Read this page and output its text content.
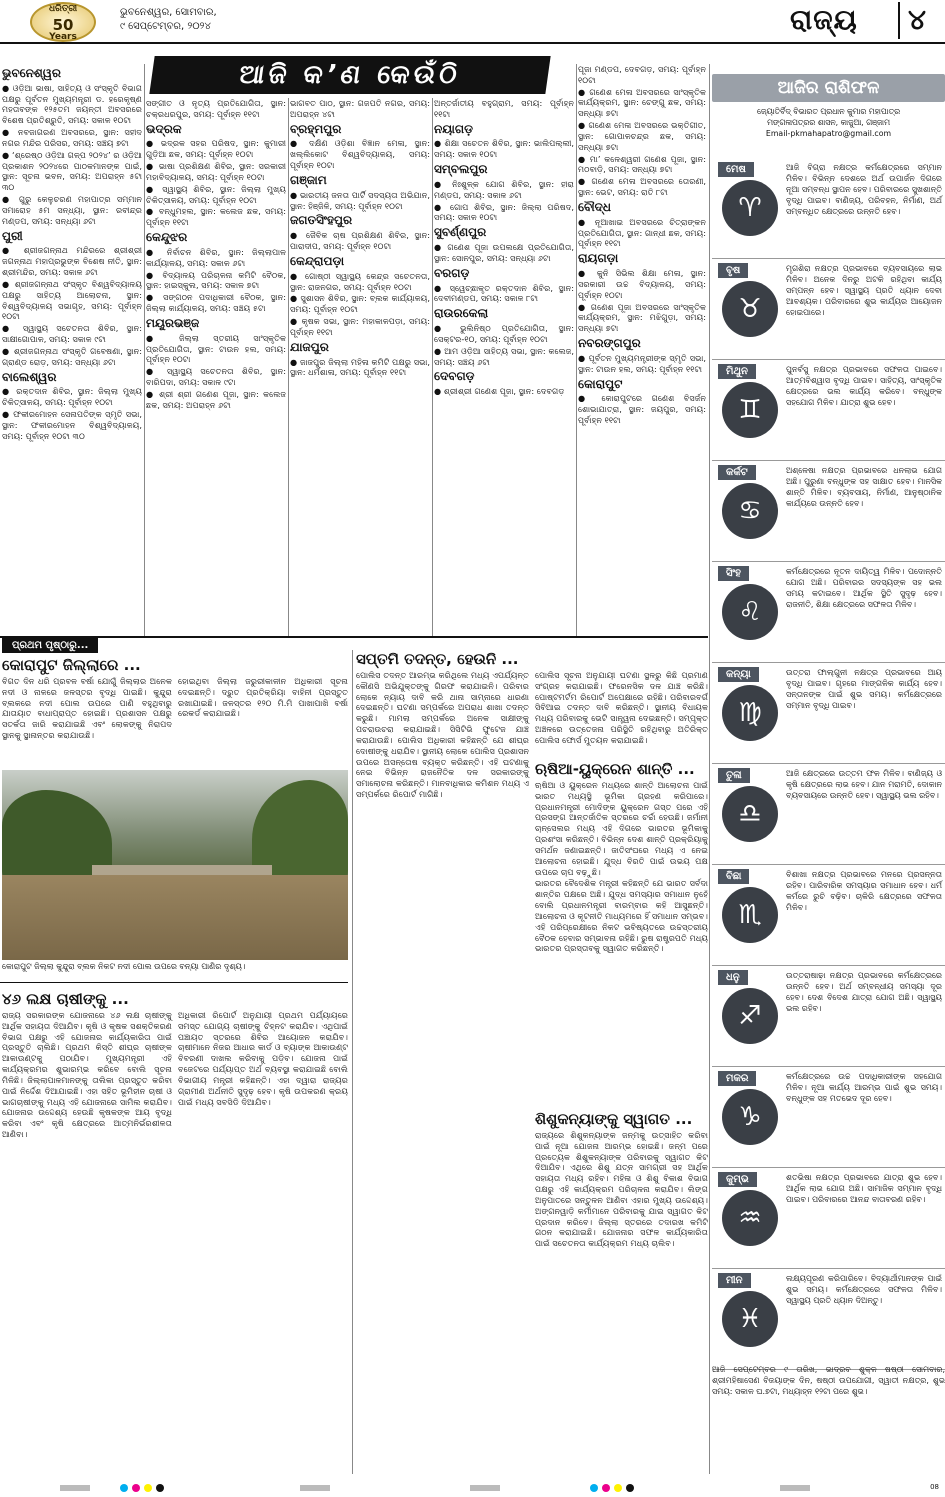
ଧରିତ୍ରୀ
50
Years
ଭୁବନେଶ୍ୱର, ସୋମବାର,
୯ ସେପ୍ଟେମ୍ବର, ୨୦୨୪	ରାଜ୍ୟ	୪
ଆଜି କ’ଣ କେଉଁଠି
ଭୁବନେଶ୍ୱର

● ଓଡ଼ିଆ ଭାଷା, ସାହିତ୍ୟ ଓ ସଂସ୍କୃତି ବିଭାଗ ପକ୍ଷରୁ ପୂର୍ବତନ ମୁଖ୍ୟମନ୍ତ୍ରୀ ଡ. ହରେକୃଷ୍ଣ ମହତାବଙ୍କ ୧୨୫ତମ ଜୟନ୍ତୀ ଅବସରରେ ବିଶେଷ ପ୍ରତିଶ୍ରୁତି, ସମୟ: ସକାଳ ୧୦ଟା

● ନବଜାଗରଣ ଅବସରରେ, ସ୍ଥାନ: ସହୀଦ ନଗର ମନ୍ଦିର ପରିସର, ସମୟ: ସଞ୍ଚୟ ୭ଟା

● ‘ଶ୍ରେଷ୍ଠ ଓଡ଼ିଆ ଗଳ୍ପ ୨୦୨୪’ ର ଓଡ଼ିଆ ପ୍ରକାଶନ ୨୦୨୪ରେ ପାଠକମାନଙ୍କ ପାଇଁ, ସ୍ଥାନ: ସୂଚନା ଭବନ, ସମୟ: ଅପରାହ୍ନ ୫ଟା ୩୦

● ଗୁରୁ କେଳୁଚରଣ ମହାପାତ୍ର ସମ୍ମାନ ସମାରୋହ ୫ମ ସନ୍ଧ୍ୟା, ସ୍ଥାନ: ରବୀନ୍ଦ୍ର ମଣ୍ଡପ, ସମୟ: ସନ୍ଧ୍ୟା ୬ଟା

ପୁରୀ

● ଶ୍ରୀଜଗନ୍ନାଥ ମନ୍ଦିରରେ ଶ୍ରୀଶ୍ରୀ ଜଗନ୍ନାଥ ମହାପ୍ରଭୁଙ୍କ ବିଶେଷ ନୀତି, ସ୍ଥାନ: ଶ୍ରୀମନ୍ଦିର, ସମୟ: ସକାଳ ୬ଟା

● ଶ୍ରୀଜଗନ୍ନାଥ ସଂସ୍କୃତ ବିଶ୍ୱବିଦ୍ୟାଳୟ ପକ୍ଷରୁ ସାହିତ୍ୟ ଆଲୋଚନା, ସ୍ଥାନ: ବିଶ୍ୱବିଦ୍ୟାଳୟ ସଭାଗୃହ, ସମୟ: ପୂର୍ବାହ୍ନ ୧୦ଟା

● ସ୍ୱାସ୍ଥ୍ୟ ସଚେତନତା ଶିବିର, ସ୍ଥାନ: ସାକ୍ଷୀଗୋପାଳ, ସମୟ: ସକାଳ ୯ଟା

● ଶ୍ରୀଜଗନ୍ନାଥ ସଂସ୍କୃତି ଗବେଷଣା, ସ୍ଥାନ: ଗ୍ରାଣ୍ଡ ରୋଡ଼, ସମୟ: ସନ୍ଧ୍ୟା ୬ଟା

ବାଲେଶ୍ୱର

● ରକ୍ତଦାନ ଶିବିର, ସ୍ଥାନ: ଜିଲ୍ଲା ମୁଖ୍ୟ ଚିକିତ୍ସାଳୟ, ସମୟ: ପୂର୍ବାହ୍ନ ୧୦ଟା

● ଫକୀରମୋହନ ସେନାପତିଙ୍କ ସ୍ମୃତି ସଭା, ସ୍ଥାନ: ଫକୀରମୋହନ ବିଶ୍ୱବିଦ୍ୟାଳୟ, ସମୟ: ପୂର୍ବାହ୍ନ ୧୦ଟା ୩୦

ସଙ୍ଗୀତ ଓ ନୃତ୍ୟ ପ୍ରତିଯୋଗିତା, ସ୍ଥାନ: ଚକ୍ରଧରପୁର, ସମୟ: ପୂର୍ବାହ୍ନ ୧୧ଟା

ଭଦ୍ରକ

● ଭଦ୍ରକ ସହର ପରିଷଦ, ସ୍ଥାନ: କୁମାରୀ ଗୁଡ଼ିଆ ଛକ, ସମୟ: ପୂର୍ବାହ୍ନ ୧୦ଟା

● ଭାଷା ପ୍ରଶିକ୍ଷଣ ଶିବିର, ସ୍ଥାନ: ସରକାରୀ ମହାବିଦ୍ୟାଳୟ, ସମୟ: ପୂର୍ବାହ୍ନ ୧୦ଟା

● ସ୍ୱାସ୍ଥ୍ୟ ଶିବିର, ସ୍ଥାନ: ଜିଲ୍ଲା ମୁଖ୍ୟ ଚିକିତ୍ସାଳୟ, ସମୟ: ପୂର୍ବାହ୍ନ ୧୦ଟା

● ବନ୍ଧୁମହଲ, ସ୍ଥାନ: କଲେଜ ଛକ, ସମୟ: ପୂର୍ବାହ୍ନ ୧୧ଟା

କେନ୍ଦୁଝର

● ନିର୍ବାଚନ ଶିବିର, ସ୍ଥାନ: ଜିଲ୍ଲାପାଳ କାର୍ଯ୍ୟାଳୟ, ସମୟ: ସକାଳ ୬ଟା

● ବିଦ୍ୟାଳୟ ପରିଚାଳନା କମିଟି ବୈଠକ, ସ୍ଥାନ: ହାଇସ୍କୁଲ, ସମୟ: ସକାଳ ୭ଟା

● ସଙ୍ଗଠନ ପଦାଧିକାରୀ ବୈଠକ, ସ୍ଥାନ: ଜିଲ୍ଲା କାର୍ଯ୍ୟାଳୟ, ସମୟ: ସଞ୍ଚୟ ୫ଟା

ମୟୂରଭଞ୍ଜ

● ଜିଲ୍ଲା ସ୍ତରୀୟ ସାଂସ୍କୃତିକ ପ୍ରତିଯୋଗିତା, ସ୍ଥାନ: ଟାଉନ ହଲ, ସମୟ: ପୂର୍ବାହ୍ନ ୧୦ଟା

● ସ୍ୱାସ୍ଥ୍ୟ ସଚେତନତା ଶିବିର, ସ୍ଥାନ: ବାରିପଦା, ସମୟ: ସକାଳ ୯ଟା

● ଶ୍ରୀ ଶ୍ରୀ ଗଣେଶ ପୂଜା, ସ୍ଥାନ: କଲେଜ ଛକ, ସମୟ: ଅପରାହ୍ନ ୬ଟା

ଭାଗବତ ପାଠ, ସ୍ଥାନ: ଗଜପତି ନଗର, ସମୟ: ଅପରାହ୍ନ ୪ଟା

ବ୍ରହ୍ମପୁର

● ଦକ୍ଷିଣ ଓଡ଼ିଶା ବିଜ୍ଞାନ ମେଳା, ସ୍ଥାନ: ଖଲ୍ଲିକୋଟ ବିଶ୍ୱବିଦ୍ୟାଳୟ, ସମୟ: ପୂର୍ବାହ୍ନ ୧୦ଟା

ଗଞ୍ଜାମ

● ଭାରତୀୟ ଜନତା ପାର୍ଟି ସଦସ୍ୟତା ଅଭିଯାନ, ସ୍ଥାନ: ହିଞ୍ଜିଳି, ସମୟ: ପୂର୍ବାହ୍ନ ୧୦ଟା

ଜଗତସିଂହପୁର

● ଜୈବିକ ଚାଷ ପ୍ରଶିକ୍ଷଣ ଶିବିର, ସ୍ଥାନ: ପାରାଦୀପ, ସମୟ: ପୂର୍ବାହ୍ନ ୧୦ଟା

କେନ୍ଦ୍ରାପଡ଼ା

● ଗୋଷ୍ଠୀ ସ୍ୱାସ୍ଥ୍ୟ କେନ୍ଦ୍ର ସଚେତନତା, ସ୍ଥାନ: ରାଜନଗର, ସମୟ: ପୂର୍ବାହ୍ନ ୧୦ଟା

● ସୁଶାସନ ଶିବିର, ସ୍ଥାନ: ବ୍ଲକ କାର୍ଯ୍ୟାଳୟ, ସମୟ: ପୂର୍ବାହ୍ନ ୧୦ଟା

● କୃଷକ ସଭା, ସ୍ଥାନ: ମହାକାଳପଡ଼ା, ସମୟ: ପୂର୍ବାହ୍ନ ୧୧ଟା

ଯାଜପୁର

● ଜାଜପୁର ଜିଲ୍ଲା ମହିଳା କମିଟି ପକ୍ଷରୁ ସଭା, ସ୍ଥାନ: ଧର୍ମଶାଳା, ସମୟ: ପୂର୍ବାହ୍ନ ୧୧ଟା

ଅନ୍ତର୍ଜାତୀୟ ବହୁଗ୍ରାମ, ସମୟ: ପୂର୍ବାହ୍ନ ୧୧ଟା

ନୟାଗଡ଼

● ଶିକ୍ଷା ସଚେତନ ଶିବିର, ସ୍ଥାନ: ଭାଲିପଲ୍ଲୀ, ସମୟ: ସକାଳ ୧୦ଟା

ସମ୍ବଲପୁର

● ନିଃଶୁଳ୍କ ଯୋଗ ଶିବିର, ସ୍ଥାନ: ହୀରା ମଣ୍ଡପ, ସମୟ: ସକାଳ ୬ଟା

● ଗୋପ ଶିବିର, ସ୍ଥାନ: ଜିଲ୍ଲା ପରିଷଦ, ସମୟ: ସକାଳ ୧୦ଟା

ସୁବର୍ଣ୍ଣପୁର

● ଗଣେଶ ପୂଜା ଉପଲକ୍ଷେ ପ୍ରତିଯୋଗିତା, ସ୍ଥାନ: ସୋନପୁର, ସମୟ: ସନ୍ଧ୍ୟା ୬ଟା

ବରଗଡ଼

● ସ୍ୱେଚ୍ଛାକୃତ ରକ୍ତଦାନ ଶିବିର, ସ୍ଥାନ: ଦେବୀମଣ୍ଡପ, ସମୟ: ସକାଳ ୮ଟା

ରାଉରକେଲା

● ଭୁଲିନିଷ୍ଠ ପ୍ରତିଯୋଗିତା, ସ୍ଥାନ: ସେକ୍ଟର-୧୦, ସମୟ: ପୂର୍ବାହ୍ନ ୧୦ଟା

● ଆମ ଓଡ଼ିଆ ସାହିତ୍ୟ ସଭା, ସ୍ଥାନ: କଲେଜ, ସମୟ: ସଞ୍ଚୟ ୬ଟା

ଦେବଗଡ଼

● ଶ୍ରୀଶ୍ରୀ ଗଣେଶ ପୂଜା, ସ୍ଥାନ: ଦେବଗଡ଼

ପୂଜା ମଣ୍ଡପ, ଦେବଗଡ଼, ସମୟ: ପୂର୍ବାହ୍ନ ୧୦ଟା

● ଗଣେଶ ମେଳା ଅବସରରେ ସାଂସ୍କୃତିକ କାର୍ଯ୍ୟକ୍ରମ, ସ୍ଥାନ: ଚେଙ୍ଗୁ ଛକ, ସମୟ: ସନ୍ଧ୍ୟା ୭ଟା

● ଗଣେଶ ମେଳା ଅବସରରେ ଭକ୍ତିଗୀତ, ସ୍ଥାନ: ଗୋପାଳଚନ୍ଦ୍ର ଛକ, ସମୟ: ସନ୍ଧ୍ୟା ୭ଟା

● ମା’ କଳେଶ୍ୱରୀ ଗଣେଶ ପୂଜା, ସ୍ଥାନ: ମଠବାଡ଼ି, ସମୟ: ସନ୍ଧ୍ୟା ୭ଟା

● ଗଣେଶ ମେଳା ଅବସରରେ ତୋରଣୀ, ସ୍ଥାନ: ଭେଟ, ସମୟ: ରାତି ୮ଟା

ବୌଦ୍ଧ

● ନୂଆଖାଇ ଅବସରରେ ଚିତ୍ରାଙ୍କନ ପ୍ରତିଯୋଗିତା, ସ୍ଥାନ: ଗାନ୍ଧୀ ଛକ, ସମୟ: ପୂର୍ବାହ୍ନ ୧୧ଟା

ରାୟଗଡ଼ା

● କୁନି ସିଭିଲ ଶିକ୍ଷା ମେଳା, ସ୍ଥାନ: ସରକାରୀ ଉଚ୍ଚ ବିଦ୍ୟାଳୟ, ସମୟ: ପୂର୍ବାହ୍ନ ୧୦ଟା

● ଗଣେଶ ପୂଜା ଅବସରରେ ସାଂସ୍କୃତିକ କାର୍ଯ୍ୟକ୍ରମ, ସ୍ଥାନ: ମଝିଗୁଡ଼ା, ସମୟ: ସନ୍ଧ୍ୟା ୭ଟା

ନବରଙ୍ଗପୁର

● ପୂର୍ବତନ ମୁଖ୍ୟମନ୍ତ୍ରୀଙ୍କ ସ୍ମୃତି ସଭା, ସ୍ଥାନ: ଟାଉନ ହଲ, ସମୟ: ପୂର୍ବାହ୍ନ ୧୧ଟା

କୋରାପୁଟ

● କୋରାପୁଟରେ ଗଣେଶ ବିସର୍ଜନ ଶୋଭାଯାତ୍ରା, ସ୍ଥାନ: ଜୟପୁର, ସମୟ: ପୂର୍ବାହ୍ନ ୧୧ଟା

ଆଜିର ରାଶିଫଳ
ଜ୍ୟୋତିର୍ବିଦ୍ ବିଭାରତ ପ୍ରଧାନ କୁମାର ମହାପାତ୍ର
ମଙ୍ଗଳାପତ୍ରର ଶାସନ, କାଜୁଆ, ଗଞ୍ଜାମ
Email-pkmahapatro@gmail.com
ମେଷ
♈
ଆଜି ବିଗ୍ରା ନକ୍ଷତ୍ର କର୍ମକ୍ଷେତ୍ରରେ ସମ୍ମାନ ମିଳିବ। ବିଭିନ୍ନ ଦେଶରେ ଅର୍ଥ ଉପାର୍ଜନ ଦିଗରେ ନୂଆ ସମ୍ବନ୍ଧ ସ୍ଥାପନ ହେବ। ପରିବାରରେ ସୁଖଶାନ୍ତି ବୃଦ୍ଧି ପାଇବ। ବାଣିଜ୍ୟ, ପରିବହନ, ନିର୍ମାଣ, ଅର୍ଥ ସମ୍ବନ୍ଧିତ କ୍ଷେତ୍ରରେ ଉନ୍ନତି ହେବ।
ବୃଷ
♉
ମୃଗଶିରା ନକ୍ଷତ୍ର ପ୍ରଭାବରେ ବ୍ୟବସାୟରେ ଲାଭ ମିଳିବ। ଅନେକ ଦିନରୁ ଅଟକି ରହିଥିବା କାର୍ଯ୍ୟ ସମ୍ପନ୍ନ ହେବ। ସ୍ୱାସ୍ଥ୍ୟ ପ୍ରତି ଧ୍ୟାନ ଦେବା ଆବଶ୍ୟକ। ପରିବାରରେ ଶୁଭ କାର୍ଯ୍ୟର ଆୟୋଜନ ହୋଇପାରେ।
ମିଥୁନ
♊
ପୁନର୍ବସୁ ନକ୍ଷତ୍ର ପ୍ରଭାବରେ ସଫଳତା ପାଇବେ। ଆତ୍ମବିଶ୍ୱାସ ବୃଦ୍ଧି ପାଇବ। ସାହିତ୍ୟ, ସାଂସ୍କୃତିକ କ୍ଷେତ୍ରରେ ଭଲ କାର୍ଯ୍ୟ କରିବେ। ବନ୍ଧୁଙ୍କ ସହଯୋଗ ମିଳିବ। ଯାତ୍ରା ଶୁଭ ହେବ।
କର୍କଟ
♋
ଅଶ୍ଳେଷା ନକ୍ଷତ୍ର ପ୍ରଭାବରେ ଧନଲାଭ ଯୋଗ ଅଛି। ପୁରୁଣା ବନ୍ଧୁଙ୍କ ସହ ସାକ୍ଷାତ ହେବ। ମାନସିକ ଶାନ୍ତି ମିଳିବ। ବ୍ୟବସାୟ, ନିର୍ମାଣ, ଆନୁଷ୍ଠାନିକ କାର୍ଯ୍ୟରେ ଉନ୍ନତି ହେବ।
ସିଂହ
♌
କର୍ମକ୍ଷେତ୍ରରେ ନୂତନ ଦାୟିତ୍ୱ ମିଳିବ। ପଦୋନ୍ନତି ଯୋଗ ଅଛି। ପରିବାରର ସଦସ୍ୟଙ୍କ ସହ ଭଲ ସମୟ କଟାଇବେ। ଆର୍ଥିକ ସ୍ଥିତି ସୁଦୃଢ଼ ହେବ। ରାଜନୀତି, ଶିକ୍ଷା କ୍ଷେତ୍ରରେ ସଫଳତା ମିଳିବ।
କନ୍ୟା
♍
ଉତ୍ତରା ଫାଲ୍ଗୁନୀ ନକ୍ଷତ୍ର ପ୍ରଭାବରେ ଆୟ ବୃଦ୍ଧି ପାଇବ। ଗୃହରେ ମାଙ୍ଗଳିକ କାର୍ଯ୍ୟ ହେବ। ସନ୍ତାନଙ୍କ ପାଇଁ ଶୁଭ ସମୟ। କର୍ମକ୍ଷେତ୍ରରେ ସମ୍ମାନ ବୃଦ୍ଧି ପାଇବ।
ତୁଳା
♎
ଆଜି କ୍ଷେତ୍ରରେ ଉତ୍ତମ ଫଳ ମିଳିବ। ବାଣିଜ୍ୟ ଓ କୃଷି କ୍ଷେତ୍ରରେ ଲାଭ ହେବ। ଯାନ ମରାମତି, ଦୋକାନ ବ୍ୟବସାୟରେ ଉନ୍ନତି ହେବ। ସ୍ୱାସ୍ଥ୍ୟ ଭଲ ରହିବ।
ବିଛା
♏
ବିଶାଖା ନକ୍ଷତ୍ର ପ୍ରଭାବରେ ମନରେ ପ୍ରସନ୍ନତା ରହିବ। ପାରିବାରିକ ସମସ୍ୟାର ସମାଧାନ ହେବ। ଧର୍ମ କର୍ମରେ ରୁଚି ବଢ଼ିବ। ଚାକିରି କ୍ଷେତ୍ରରେ ସଫଳତା ମିଳିବ।
ଧନୁ
♐
ଉତ୍ତରାଷାଢ଼ା ନକ୍ଷତ୍ର ପ୍ରଭାବରେ କର୍ମକ୍ଷେତ୍ରରେ ଉନ୍ନତି ହେବ। ଅର୍ଥ ସମ୍ବନ୍ଧୀୟ ସମସ୍ୟା ଦୂର ହେବ। ଦେଶ ବିଦେଶ ଯାତ୍ରା ଯୋଗ ଅଛି। ସ୍ୱାସ୍ଥ୍ୟ ଭଲ ରହିବ।
ମକର
♑
କର୍ମକ୍ଷେତ୍ରରେ ଉଚ୍ଚ ପଦାଧିକାରୀଙ୍କ ସହଯୋଗ ମିଳିବ। ନୂଆ କାର୍ଯ୍ୟ ଆରମ୍ଭ ପାଇଁ ଶୁଭ ସମୟ। ବନ୍ଧୁଙ୍କ ସହ ମତଭେଦ ଦୂର ହେବ।
କୁମ୍ଭ
♒
ଶତଭିଷା ନକ୍ଷତ୍ର ପ୍ରଭାବରେ ଯାତ୍ରା ଶୁଭ ହେବ। ଆର୍ଥିକ ଲାଭ ଯୋଗ ଅଛି। ସାମାଜିକ ସମ୍ମାନ ବୃଦ୍ଧି ପାଇବ। ପରିବାରରେ ଆନନ୍ଦ ବାତାବରଣ ରହିବ।
ମୀନ
♓
ଲକ୍ଷ୍ୟପୂରଣ କରିପାରିବେ। ବିଦ୍ୟାର୍ଥୀମାନଙ୍କ ପାଇଁ ଶୁଭ ସମୟ। କର୍ମକ୍ଷେତ୍ରରେ ସଫଳତା ମିଳିବ। ସ୍ୱାସ୍ଥ୍ୟ ପ୍ରତି ଧ୍ୟାନ ଦିଅନ୍ତୁ।
ଆଜି ସେପ୍ଟେମ୍ବର ୯ ତାରିଖ, ଭାଦ୍ରବ ଶୁକ୍ଳ ଷଷ୍ଠୀ ସୋମବାର, ଶ୍ରୀମହିଷାସେଣ ବିଜୟାଙ୍କ ଦିନ, ଷଷ୍ଠୀ ଉପଯୋଗୀ, ସ୍ୱାତୀ ନକ୍ଷତ୍ର, ଶୁଭ ସମୟ: ସକାଳ ଘ.୭ଟା, ମଧ୍ୟାହ୍ନ ୧୨ଟା ପରେ ଶୁଭ।
ପ୍ରଥମ ପୃଷ୍ଠାରୁ...
କୋରାପୁଟ ଜିଲ୍ଲାରେ ...

ବିଗତ ଦିନ ଧରି ପ୍ରବଳ ବର୍ଷା ଯୋଗୁଁ ଜିଲ୍ଲାର ଅନେକ ନଦୀ ଓ ନାଳରେ ଜଳସ୍ତର ବୃଦ୍ଧି ପାଇଛି। କୁନ୍ଦୁରା ବ୍ଲକରେ ନଦୀ ପୋଲ ଉପରେ ପାଣି ବହୁଥିବାରୁ ଯାତାୟାତ ବାଧାପ୍ରାପ୍ତ ହୋଇଛି। ପ୍ରଶାସନ ପକ୍ଷରୁ ସତର୍କତା ଜାରି କରାଯାଇଛି ଏବଂ ଲୋକଙ୍କୁ ନିରାପଦ ସ୍ଥାନକୁ ସ୍ଥାନାନ୍ତର କରାଯାଉଛି।

ହୋଇଥିବା ଜିଲ୍ଲା ଜରୁରୀକାଳୀନ ଅଧିକାରୀ ସୂଚନା ଦେଇଛନ୍ତି। ଦ୍ରୁତ ପ୍ରତିକ୍ରିୟା ବାହିନୀ ପ୍ରସ୍ତୁତ ରଖାଯାଇଛି। ଜଳସ୍ତର ୧୨୦ ମି.ମି ପାଖାପାଖି ବର୍ଷା ରେକର୍ଡ କରାଯାଇଛି।

କୋରାପୁଟ ଜିଲ୍ଲା କୁନ୍ଦୁରା ବ୍ଲକ ନିକଟ ନଦୀ ପୋଲ ଉପରେ ବନ୍ୟା ପାଣିର ଦୃଶ୍ୟ।
୪୬ ଲକ୍ଷ ଚାଷୀଙ୍କୁ ...

ରାଜ୍ୟ ସରକାରଙ୍କ ଯୋଜନାରେ ୪୬ ଲକ୍ଷ ଚାଷୀଙ୍କୁ ଆର୍ଥିକ ସହାୟତା ଦିଆଯିବ। କୃଷି ଓ କୃଷକ ସଶକ୍ତିକରଣ ବିଭାଗ ପକ୍ଷରୁ ଏହି ଯୋଜନାର କାର୍ଯ୍ୟକାରିତା ପାଇଁ ପ୍ରସ୍ତୁତି ଚାଲିଛି। ପ୍ରଥମ କିସ୍ତି ଶୀଘ୍ର ଚାଷୀଙ୍କ ଆକାଉଣ୍ଟକୁ ପଠାଯିବ। ମୁଖ୍ୟମନ୍ତ୍ରୀ ଏହି କାର୍ଯ୍ୟକ୍ରମର ଶୁଭାରମ୍ଭ କରିବେ ବୋଲି ସୂଚନା ମିଳିଛି। ଜିଲ୍ଲାପାଳମାନଙ୍କୁ ତାଲିକା ପ୍ରସ୍ତୁତ କରିବା ପାଇଁ ନିର୍ଦ୍ଦେଶ ଦିଆଯାଇଛି। ଏହା ସହିତ ଭୂମିହୀନ ଚାଷୀ ଓ ଭାଗଚାଷୀଙ୍କୁ ମଧ୍ୟ ଏହି ଯୋଜନାରେ ସାମିଲ କରାଯିବ। ଯୋଜନାର ଉଦ୍ଦେଶ୍ୟ ହେଉଛି କୃଷକଙ୍କ ଆୟ ବୃଦ୍ଧି କରିବା ଏବଂ କୃଷି କ୍ଷେତ୍ରରେ ଆତ୍ମନିର୍ଭରଶୀଳତା ଆଣିବା।

ଅଧିକାରୀ ରିପୋର୍ଟ ଅନୁଯାୟୀ ପ୍ରଥମ ପର୍ଯ୍ୟାୟରେ ସମସ୍ତ ଯୋଗ୍ୟ ଚାଷୀଙ୍କୁ ଚିହ୍ନଟ କରାଯିବ। ଏଥିପାଇଁ ପଞ୍ଚାୟତ ସ୍ତରରେ ଶିବିର ଆୟୋଜନ କରାଯିବ। ଚାଷୀମାନେ ନିଜର ଆଧାର କାର୍ଡ ଓ ବ୍ୟାଙ୍କ ଆକାଉଣ୍ଟ ବିବରଣୀ ଦାଖଲ କରିବାକୁ ପଡ଼ିବ। ଯୋଜନା ପାଇଁ ବଜେଟରେ ପର୍ଯ୍ୟାପ୍ତ ଅର୍ଥ ବ୍ୟବସ୍ଥା କରାଯାଇଛି ବୋଲି ବିଭାଗୀୟ ମନ୍ତ୍ରୀ କହିଛନ୍ତି। ଏହା ଦ୍ୱାରା ରାଜ୍ୟର ଗ୍ରାମୀଣ ଅର୍ଥନୀତି ସୁଦୃଢ଼ ହେବ। କୃଷି ଉପକରଣ କ୍ରୟ ପାଇଁ ମଧ୍ୟ ସବସିଡି ଦିଆଯିବ।

ସପ୍ତମି ତଦନ୍ତ, ହେଉନି ...

ପୋଲିସ ତଦନ୍ତ ଆରମ୍ଭ କରିଥିଲେ ମଧ୍ୟ ଏପର୍ଯ୍ୟନ୍ତ କୌଣସି ଅଭିଯୁକ୍ତଙ୍କୁ ଗିରଫ କରାଯାଇନି। ପରିବାର ଲୋକେ ନ୍ୟାୟ ଦାବି କରି ଥାନା ସାମ୍ନାରେ ଧାରଣା ଦେଇଛନ୍ତି। ଘଟଣା ସମ୍ପର୍କରେ ଅପରାଧ ଶାଖା ତଦନ୍ତ କରୁଛି। ମାମଲା ସମ୍ପର୍କରେ ଅନେକ ସାକ୍ଷୀଙ୍କୁ ପଚରାଉଚରା କରାଯାଇଛି। ସିସିଟିଭି ଫୁଟେଜ ଯାଞ୍ଚ କରାଯାଉଛି। ପୋଲିସ ଅଧିକାରୀ କହିଛନ୍ତି ଯେ ଶୀଘ୍ର ଦୋଷୀଙ୍କୁ ଧରାଯିବ। ସ୍ଥାନୀୟ ଲୋକେ ପୋଲିସ ପ୍ରଶାସନ ଉପରେ ଅସନ୍ତୋଷ ବ୍ୟକ୍ତ କରିଛନ୍ତି। ଏହି ଘଟଣାକୁ ନେଇ ବିଭିନ୍ନ ରାଜନୈତିକ ଦଳ ସରକାରଙ୍କୁ ସମାଲୋଚନା କରିଛନ୍ତି। ମାନବାଧିକାର କମିଶନ ମଧ୍ୟ ଏ ସମ୍ପର୍କରେ ରିପୋର୍ଟ ମାଗିଛି।

ପୋଲିସ ସୂଚନା ଅନୁଯାୟୀ ଘଟଣା ସ୍ଥଳରୁ କିଛି ପ୍ରମାଣ ସଂଗ୍ରହ କରାଯାଇଛି। ଫରେନସିକ ଦଳ ଯାଞ୍ଚ କରିଛି। ପୋଷ୍ଟମର୍ଟମ ରିପୋର୍ଟ ଅପେକ୍ଷାରେ ରହିଛି। ପରିବାରବର୍ଗ ସିବିଆଇ ତଦନ୍ତ ଦାବି କରିଛନ୍ତି। ସ୍ଥାନୀୟ ବିଧାୟକ ମଧ୍ୟ ପରିବାରକୁ ଭେଟି ସାନ୍ତ୍ୱନା ଦେଇଛନ୍ତି। ସମ୍ପୃକ୍ତ ଅଞ୍ଚଳରେ ଉତ୍ତେଜନା ପରିସ୍ଥିତି ରହିଥିବାରୁ ଅତିରିକ୍ତ ପୋଲିସ ଫୋର୍ସ ମୁତୟନ କରାଯାଇଛି।

ଋଷିଆ-ୟୁକ୍ରେନ ଶାନ୍ତି ...

ଋଷିଆ ଓ ୟୁକ୍ରେନ ମଧ୍ୟରେ ଶାନ୍ତି ଆଲୋଚନା ପାଇଁ ଭାରତ ମଧ୍ୟସ୍ଥି ଭୂମିକା ଗ୍ରହଣ କରିପାରେ। ପ୍ରଧାନମନ୍ତ୍ରୀ ମୋଦିଙ୍କ ୟୁକ୍ରେନ ଗସ୍ତ ପରେ ଏହି ପ୍ରସଙ୍ଗ ଆନ୍ତର୍ଜାତିକ ସ୍ତରରେ ଚର୍ଚ୍ଚା ହେଉଛି। ଜର୍ମାନୀ ଚାନ୍ସେଲର ମଧ୍ୟ ଏହି ଦିଗରେ ଭାରତର ଭୂମିକାକୁ ପ୍ରଶଂସା କରିଛନ୍ତି। ବିଭିନ୍ନ ଦେଶ ଶାନ୍ତି ପ୍ରକ୍ରିୟାକୁ ସମର୍ଥନ ଜଣାଇଛନ୍ତି। ଜାତିସଂଘରେ ମଧ୍ୟ ଏ ନେଇ ଆଲୋଚନା ହୋଇଛି। ଯୁଦ୍ଧ ବିରତି ପାଇଁ ଉଭୟ ପକ୍ଷ ଉପରେ ଚାପ ବଢ଼ୁଛି।

ଭାରତର ବୈଦେଶିକ ମନ୍ତ୍ରୀ କହିଛନ୍ତି ଯେ ଭାରତ ସର୍ବଦା ଶାନ୍ତିର ପକ୍ଷରେ ଅଛି। ଯୁଦ୍ଧ ସମସ୍ୟାର ସମାଧାନ ନୁହେଁ ବୋଲି ପ୍ରଧାନମନ୍ତ୍ରୀ ବାରମ୍ବାର କହି ଆସୁଛନ୍ତି। ଆଲୋଚନା ଓ କୂଟନୀତି ମାଧ୍ୟମରେ ହିଁ ସମାଧାନ ସମ୍ଭବ। ଏହି ପରିପ୍ରେକ୍ଷୀରେ ନିକଟ ଭବିଷ୍ୟତରେ ଉଚ୍ଚସ୍ତରୀୟ ବୈଠକ ହେବାର ସମ୍ଭାବନା ରହିଛି। ରୁଷ ରାଷ୍ଟ୍ରପତି ମଧ୍ୟ ଭାରତର ପ୍ରସ୍ତାବକୁ ସ୍ୱାଗତ କରିଛନ୍ତି।

ଶିଶୁକନ୍ୟାଙ୍କୁ ସ୍ୱାଗତ ...

ରାଜ୍ୟରେ ଶିଶୁକନ୍ୟାଙ୍କ ଜନ୍ମକୁ ଉତ୍ସାହିତ କରିବା ପାଇଁ ନୂଆ ଯୋଜନା ଆରମ୍ଭ ହୋଇଛି। ଜନ୍ମ ପରେ ପ୍ରତ୍ୟେକ ଶିଶୁକନ୍ୟାଙ୍କ ପରିବାରକୁ ସ୍ୱାଗତ କିଟ ଦିଆଯିବ। ଏଥିରେ ଶିଶୁ ଯତ୍ନ ସାମଗ୍ରୀ ସହ ଆର୍ଥିକ ସହାୟତା ମଧ୍ୟ ରହିବ। ମହିଳା ଓ ଶିଶୁ ବିକାଶ ବିଭାଗ ପକ୍ଷରୁ ଏହି କାର୍ଯ୍ୟକ୍ରମ ପରିଚାଳନା କରାଯିବ। ଲିଙ୍ଗ ଅନୁପାତରେ ସନ୍ତୁଳନ ଆଣିବା ଏହାର ମୁଖ୍ୟ ଉଦ୍ଦେଶ୍ୟ। ଅଙ୍ଗନୱାଡ଼ି କର୍ମୀମାନେ ପରିବାରକୁ ଯାଇ ସ୍ୱାଗତ କିଟ ପ୍ରଦାନ କରିବେ। ଜିଲ୍ଲା ସ୍ତରରେ ତଦାରଖ କମିଟି ଗଠନ କରାଯାଇଛି। ଯୋଜନାର ସଫଳ କାର୍ଯ୍ୟକାରିତା ପାଇଁ ସଚେତନତା କାର୍ଯ୍ୟକ୍ରମ ମଧ୍ୟ ଚାଲିବ।

08
